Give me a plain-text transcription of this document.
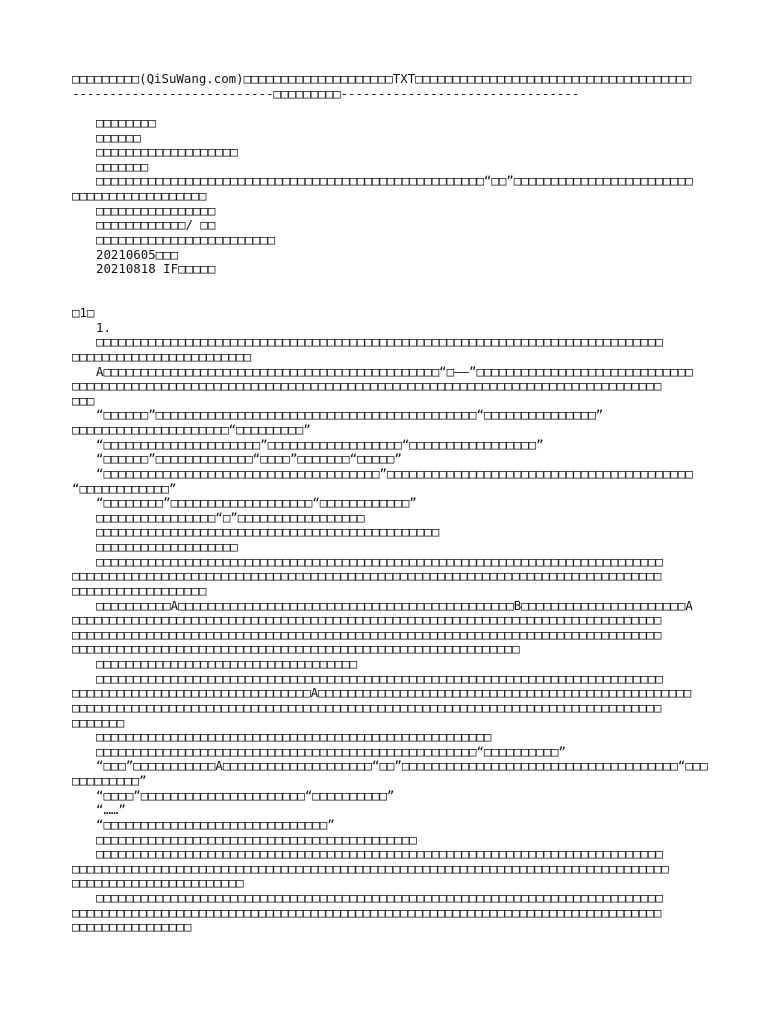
□□□□□□□□□(QiSuWang.com)□□□□□□□□□□□□□□□□□□□□TXT□□□□□□□□□□□□□□□□□□□□□□□□□□□□□□□□□□□□□
---------------------------□□□□□□□□□--------------------------------
□□□□□□□□
□□□□□□
□□□□□□□□□□□□□□□□□□□
□□□□□□□
□□□□□□□□□□□□□□□□□□□□□□□□□□□□□□□□□□□□□□□□□□□□□□□□□□□□“□□”□□□□□□□□□□□□□□□□□□□□□□□□
□□□□□□□□□□□□□□□□□□
□□□□□□□□□□□□□□□□
□□□□□□□□□□□□/ □□
□□□□□□□□□□□□□□□□□□□□□□□□
20210605□□□
20210818 IF□□□□□
□1□
1.
□□□□□□□□□□□□□□□□□□□□□□□□□□□□□□□□□□□□□□□□□□□□□□□□□□□□□□□□□□□□□□□□□□□□□□□□□□□□
□□□□□□□□□□□□□□□□□□□□□□□□
A□□□□□□□□□□□□□□□□□□□□□□□□□□□□□□□□□□□□□□□□□□□□□“□——”□□□□□□□□□□□□□□□□□□□□□□□□□□□□□
□□□□□□□□□□□□□□□□□□□□□□□□□□□□□□□□□□□□□□□□□□□□□□□□□□□□□□□□□□□□□□□□□□□□□□□□□□□□□□□
□□□
“□□□□□□”□□□□□□□□□□□□□□□□□□□□□□□□□□□□□□□□□□□□□□□□□□□“□□□□□□□□□□□□□□□”
□□□□□□□□□□□□□□□□□□□□□“□□□□□□□□□”
“□□□□□□□□□□□□□□□□□□□□□”□□□□□□□□□□□□□□□□□□“□□□□□□□□□□□□□□□□□”
“□□□□□□”□□□□□□□□□□□□□“□□□□”□□□□□□□“□□□□□”
“□□□□□□□□□□□□□□□□□□□□□□□□□□□□□□□□□□□□□”□□□□□□□□□□□□□□□□□□□□□□□□□□□□□□□□□□□□□□□□□
“□□□□□□□□□□□□”
“□□□□□□□□”□□□□□□□□□□□□□□□□□□□“□□□□□□□□□□□□”
□□□□□□□□□□□□□□□□“□”□□□□□□□□□□□□□□□□□
□□□□□□□□□□□□□□□□□□□□□□□□□□□□□□□□□□□□□□□□□□□□□□
□□□□□□□□□□□□□□□□□□□
□□□□□□□□□□□□□□□□□□□□□□□□□□□□□□□□□□□□□□□□□□□□□□□□□□□□□□□□□□□□□□□□□□□□□□□□□□□□
□□□□□□□□□□□□□□□□□□□□□□□□□□□□□□□□□□□□□□□□□□□□□□□□□□□□□□□□□□□□□□□□□□□□□□□□□□□□□□□
□□□□□□□□□□□□□□□□□□
□□□□□□□□□□A□□□□□□□□□□□□□□□□□□□□□□□□□□□□□□□□□□□□□□□□□□□□□B□□□□□□□□□□□□□□□□□□□□□□A
□□□□□□□□□□□□□□□□□□□□□□□□□□□□□□□□□□□□□□□□□□□□□□□□□□□□□□□□□□□□□□□□□□□□□□□□□□□□□□□
□□□□□□□□□□□□□□□□□□□□□□□□□□□□□□□□□□□□□□□□□□□□□□□□□□□□□□□□□□□□□□□□□□□□□□□□□□□□□□□
□□□□□□□□□□□□□□□□□□□□□□□□□□□□□□□□□□□□□□□□□□□□□□□□□□□□□□□□□□□□
□□□□□□□□□□□□□□□□□□□□□□□□□□□□□□□□□□□
□□□□□□□□□□□□□□□□□□□□□□□□□□□□□□□□□□□□□□□□□□□□□□□□□□□□□□□□□□□□□□□□□□□□□□□□□□□□
□□□□□□□□□□□□□□□□□□□□□□□□□□□□□□□□A□□□□□□□□□□□□□□□□□□□□□□□□□□□□□□□□□□□□□□□□□□□□□□□□□□
□□□□□□□□□□□□□□□□□□□□□□□□□□□□□□□□□□□□□□□□□□□□□□□□□□□□□□□□□□□□□□□□□□□□□□□□□□□□□□□
□□□□□□□
□□□□□□□□□□□□□□□□□□□□□□□□□□□□□□□□□□□□□□□□□□□□□□□□□□□□□
□□□□□□□□□□□□□□□□□□□□□□□□□□□□□□□□□□□□□□□□□□□□□□□□□□□“□□□□□□□□□□”
“□□□”□□□□□□□□□□□A□□□□□□□□□□□□□□□□□□□□“□□”□□□□□□□□□□□□□□□□□□□□□□□□□□□□□□□□□□□□□“□□□
□□□□□□□□□”
“□□□□”□□□□□□□□□□□□□□□□□□□□□□“□□□□□□□□□□”
“……”
“□□□□□□□□□□□□□□□□□□□□□□□□□□□□□□”
□□□□□□□□□□□□□□□□□□□□□□□□□□□□□□□□□□□□□□□□□□□
□□□□□□□□□□□□□□□□□□□□□□□□□□□□□□□□□□□□□□□□□□□□□□□□□□□□□□□□□□□□□□□□□□□□□□□□□□□□
□□□□□□□□□□□□□□□□□□□□□□□□□□□□□□□□□□□□□□□□□□□□□□□□□□□□□□□□□□□□□□□□□□□□□□□□□□□□□□□□
□□□□□□□□□□□□□□□□□□□□□□□
□□□□□□□□□□□□□□□□□□□□□□□□□□□□□□□□□□□□□□□□□□□□□□□□□□□□□□□□□□□□□□□□□□□□□□□□□□□□
□□□□□□□□□□□□□□□□□□□□□□□□□□□□□□□□□□□□□□□□□□□□□□□□□□□□□□□□□□□□□□□□□□□□□□□□□□□□□□□
□□□□□□□□□□□□□□□□
